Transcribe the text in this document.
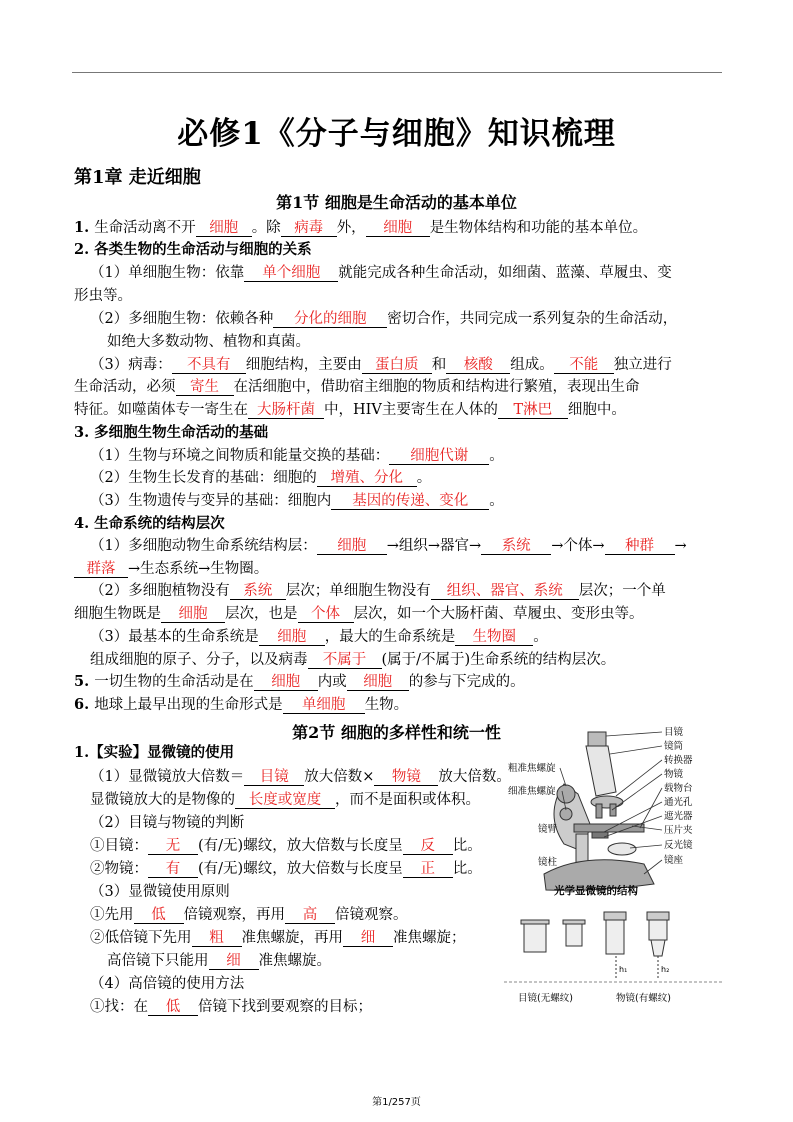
必修1《分子与细胞》知识梳理
第1章 走近细胞
第1节 细胞是生命活动的基本单位
第2节 细胞的多样性和统一性
1. 生命活动离不开 细胞 。除 病毒 外， 细胞 是生物体结构和功能的基本单位。
2. 各类生物的生命活动与细胞的关系
（1）单细胞生物：依靠 单个细胞 就能完成各种生命活动，如细菌、蓝藻、草履虫、变
形虫等。
（2）多细胞生物：依赖各种 分化的细胞 密切合作，共同完成一系列复杂的生命活动，
如绝大多数动物、植物和真菌。
（3）病毒： 不具有 细胞结构，主要由 蛋白质 和 核酸 组成。 不能 独立进行
生命活动，必须 寄生 在活细胞中，借助宿主细胞的物质和结构进行繁殖，表现出生命
特征。如噬菌体专一寄生在 大肠杆菌 中，HIV主要寄生在人体的 T淋巴 细胞中。
3. 多细胞生物生命活动的基础
（1）生物与环境之间物质和能量交换的基础： 细胞代谢 。
（2）生物生长发育的基础：细胞的 增殖、分化 。
（3）生物遗传与变异的基础：细胞内 基因的传递、变化 。
4. 生命系统的结构层次
（1）多细胞动物生命系统结构层： 细胞 →组织→器官→ 系统 →个体→ 种群 →
群落 →生态系统→生物圈。
（2）多细胞植物没有 系统 层次；单细胞生物没有 组织、器官、系统 层次；一个单
细胞生物既是 细胞 层次，也是 个体 层次，如一个大肠杆菌、草履虫、变形虫等。
（3）最基本的生命系统是 细胞 ，最大的生命系统是 生物圈 。
组成细胞的原子、分子，以及病毒 不属于 (属于/不属于)生命系统的结构层次。
5. 一切生物的生命活动是在 细胞 内或 细胞 的参与下完成的。
6. 地球上最早出现的生命形式是 单细胞 生物。
1.【实验】显微镜的使用
（1）显微镜放大倍数＝ 目镜 放大倍数× 物镜 放大倍数。
显微镜放大的是物像的 长度或宽度 ，而不是面积或体积。
（2）目镜与物镜的判断
①目镜： 无 (有/无)螺纹，放大倍数与长度呈 反 比。
②物镜： 有 (有/无)螺纹，放大倍数与长度呈 正 比。
（3）显微镜使用原则
①先用 低 倍镜观察，再用 高 倍镜观察。
②低倍镜下先用 粗 准焦螺旋，再用 细 准焦螺旋；
高倍镜下只能用 细 准焦螺旋。
（4）高倍镜的使用方法
①找：在 低 倍镜下找到要观察的目标；
目镜
镜筒
转换器
物镜
载物台
通光孔
遮光器
压片夹
反光镜
镜座
粗准焦螺旋
细准焦螺旋
镜臂
镜柱
光学显微镜的结构
h₁	h₂
目镜(无螺纹)	物镜(有螺纹)
第1/257页
